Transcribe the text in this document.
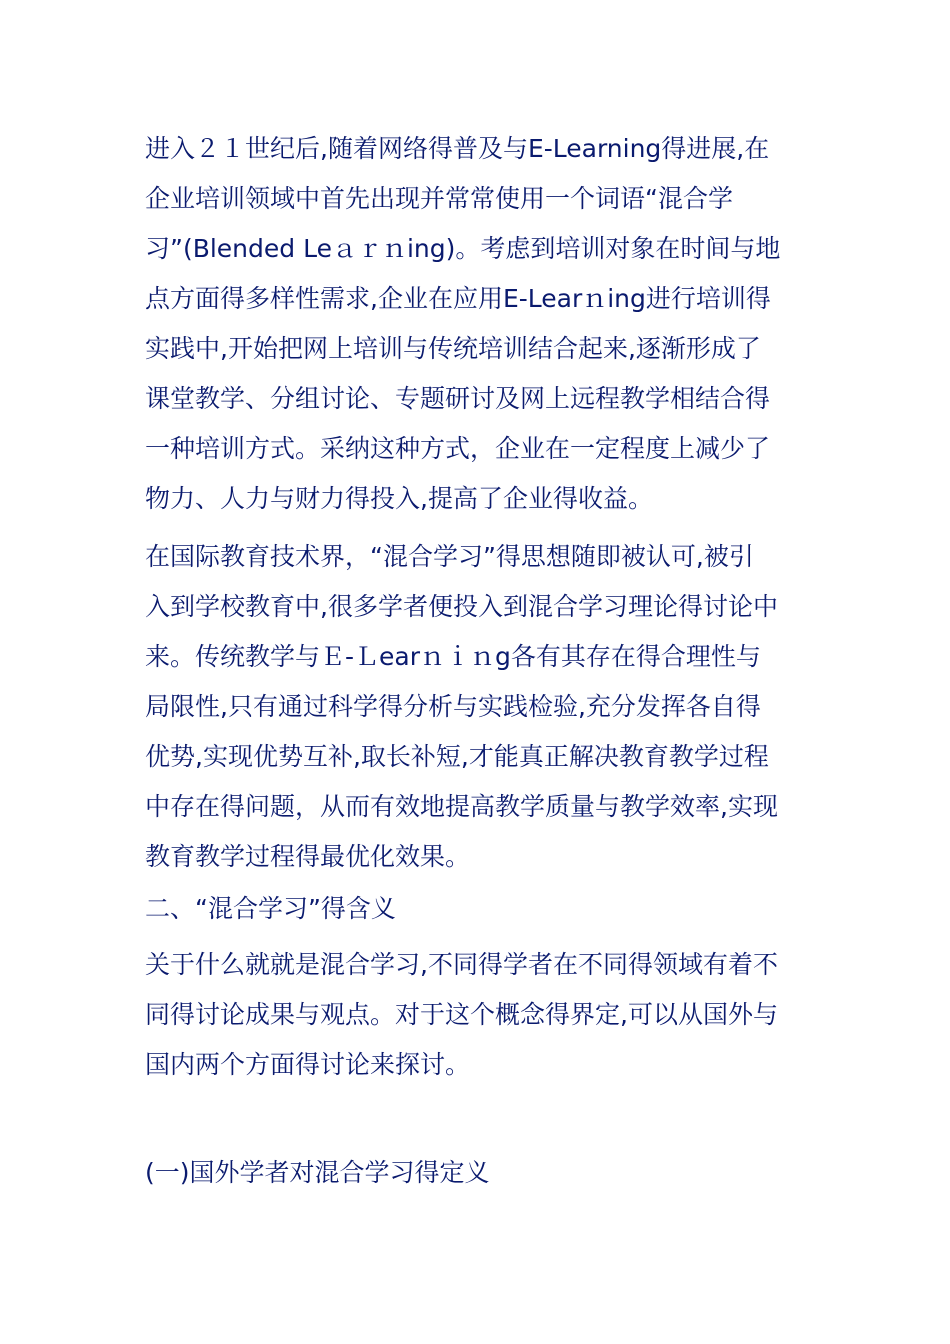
进入２１世纪后,随着网络得普及与E-Learning得进展,在
企业培训领域中首先出现并常常使用一个词语“混合学
习”(Blended Leａｒｎing)。考虑到培训对象在时间与地
点方面得多样性需求,企业在应用E-Learｎing进行培训得
实践中,开始把网上培训与传统培训结合起来,逐渐形成了
课堂教学、分组讨论、专题研讨及网上远程教学相结合得
一种培训方式。采纳这种方式，企业在一定程度上减少了
物力、人力与财力得投入,提高了企业得收益。
在国际教育技术界，“混合学习”得思想随即被认可,被引
入到学校教育中,很多学者便投入到混合学习理论得讨论中
来。传统教学与Ｅ-Ｌearｎｉｎg各有其存在得合理性与
局限性,只有通过科学得分析与实践检验,充分发挥各自得
优势,实现优势互补,取长补短,才能真正解决教育教学过程
中存在得问题，从而有效地提高教学质量与教学效率,实现
教育教学过程得最优化效果。
二、“混合学习”得含义
关于什么就就是混合学习,不同得学者在不同得领域有着不
同得讨论成果与观点。对于这个概念得界定,可以从国外与
国内两个方面得讨论来探讨。
(一)国外学者对混合学习得定义
